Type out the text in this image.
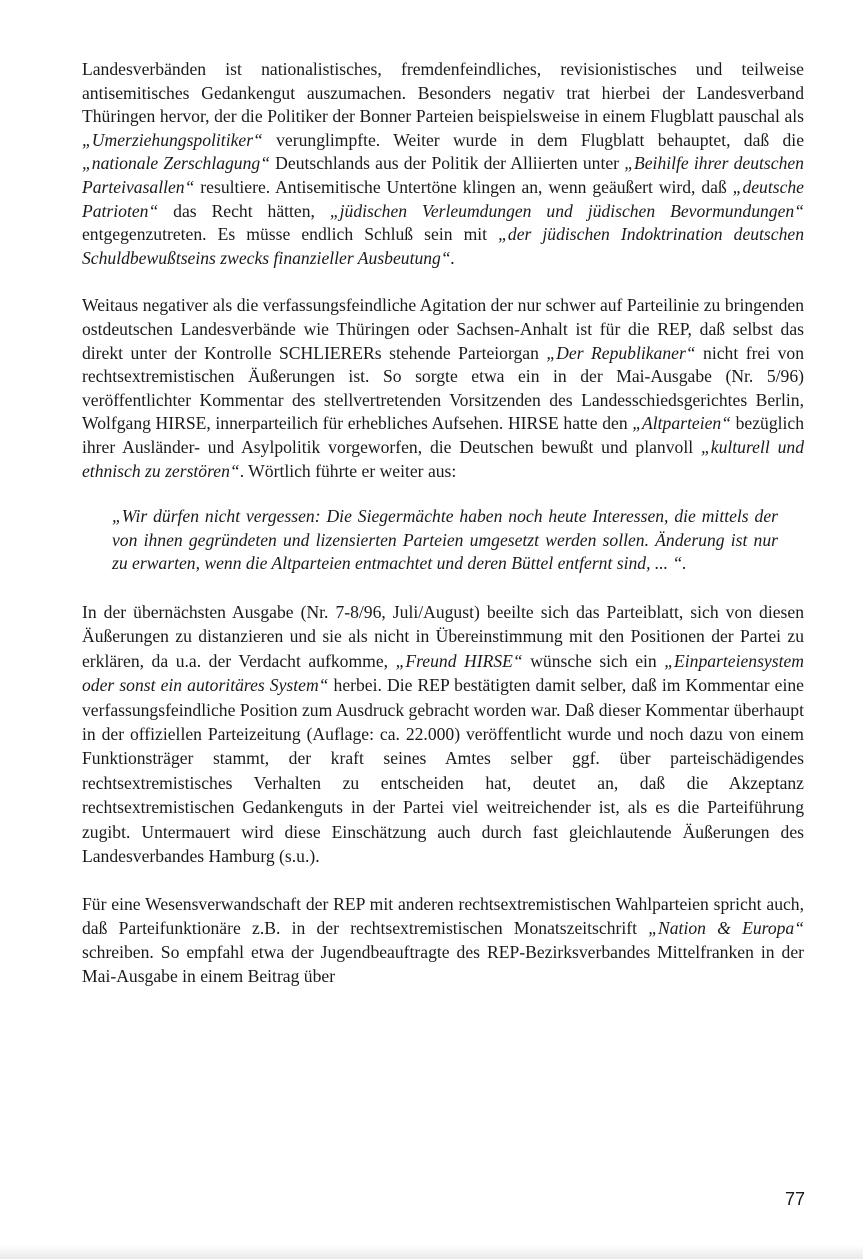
Landesverbänden ist nationalistisches, fremdenfeindliches, revisionistisches und teilweise antisemitisches Gedankengut auszumachen. Besonders negativ trat hierbei der Landesverband Thüringen hervor, der die Politiker der Bonner Parteien beispielsweise in einem Flugblatt pauschal als „Umerziehungspolitiker“ verunglimpfte. Weiter wurde in dem Flugblatt behauptet, daß die „nationale Zerschlagung“ Deutschlands aus der Politik der Alliierten unter „Beihilfe ihrer deutschen Parteivasallen“ resultiere. Antisemitische Untertöne klingen an, wenn geäußert wird, daß „deutsche Patrioten“ das Recht hätten, „jüdischen Verleumdungen und jüdischen Bevormundungen“ entgegenzutreten. Es müsse endlich Schluß sein mit „der jüdischen Indoktrination deutschen Schuldbewußtseins zwecks finanzieller Ausbeutung“.

Weitaus negativer als die verfassungsfeindliche Agitation der nur schwer auf Parteilinie zu bringenden ostdeutschen Landesverbände wie Thüringen oder Sachsen-Anhalt ist für die REP, daß selbst das direkt unter der Kontrolle SCHLIERERs stehende Parteiorgan „Der Republikaner“ nicht frei von rechtsextremistischen Äußerungen ist. So sorgte etwa ein in der Mai-Ausgabe (Nr. 5/96) veröffentlichter Kommentar des stellvertretenden Vorsitzenden des Landesschiedsgerichtes Berlin, Wolfgang HIRSE, innerparteilich für erhebliches Aufsehen. HIRSE hatte den „Altparteien“ bezüglich ihrer Ausländer- und Asylpolitik vorgeworfen, die Deutschen bewußt und planvoll „kulturell und ethnisch zu zerstören“. Wörtlich führte er weiter aus:

„Wir dürfen nicht vergessen: Die Siegermächte haben noch heute Interessen, die mittels der von ihnen gegründeten und lizensierten Parteien umgesetzt werden sollen. Änderung ist nur zu erwarten, wenn die Altparteien entmachtet und deren Büttel entfernt sind, ... “.

In der übernächsten Ausgabe (Nr. 7-8/96, Juli/August) beeilte sich das Parteiblatt, sich von diesen Äußerungen zu distanzieren und sie als nicht in Übereinstimmung mit den Positionen der Partei zu erklären, da u.a. der Verdacht aufkomme, „Freund HIRSE“ wünsche sich ein „Einparteiensystem oder sonst ein autoritäres System“ herbei. Die REP bestätigten damit selber, daß im Kommentar eine verfassungsfeindliche Position zum Ausdruck gebracht worden war. Daß dieser Kommentar überhaupt in der offiziellen Parteizeitung (Auflage: ca. 22.000) veröffentlicht wurde und noch dazu von einem Funktionsträger stammt, der kraft seines Amtes selber ggf. über parteischädigendes rechtsextremistisches Verhalten zu entscheiden hat, deutet an, daß die Akzeptanz rechtsextremistischen Gedankenguts in der Partei viel weitreichender ist, als es die Parteiführung zugibt. Untermauert wird diese Einschätzung auch durch fast gleichlautende Äußerungen des Landesverbandes Hamburg (s.u.).

Für eine Wesensverwandschaft der REP mit anderen rechtsextremistischen Wahlparteien spricht auch, daß Parteifunktionäre z.B. in der rechtsextremistischen Monatszeitschrift „Nation & Europa“ schreiben. So empfahl etwa der Jugendbeauftragte des REP-Bezirksverbandes Mittelfranken in der Mai-Ausgabe in einem Beitrag über

77
